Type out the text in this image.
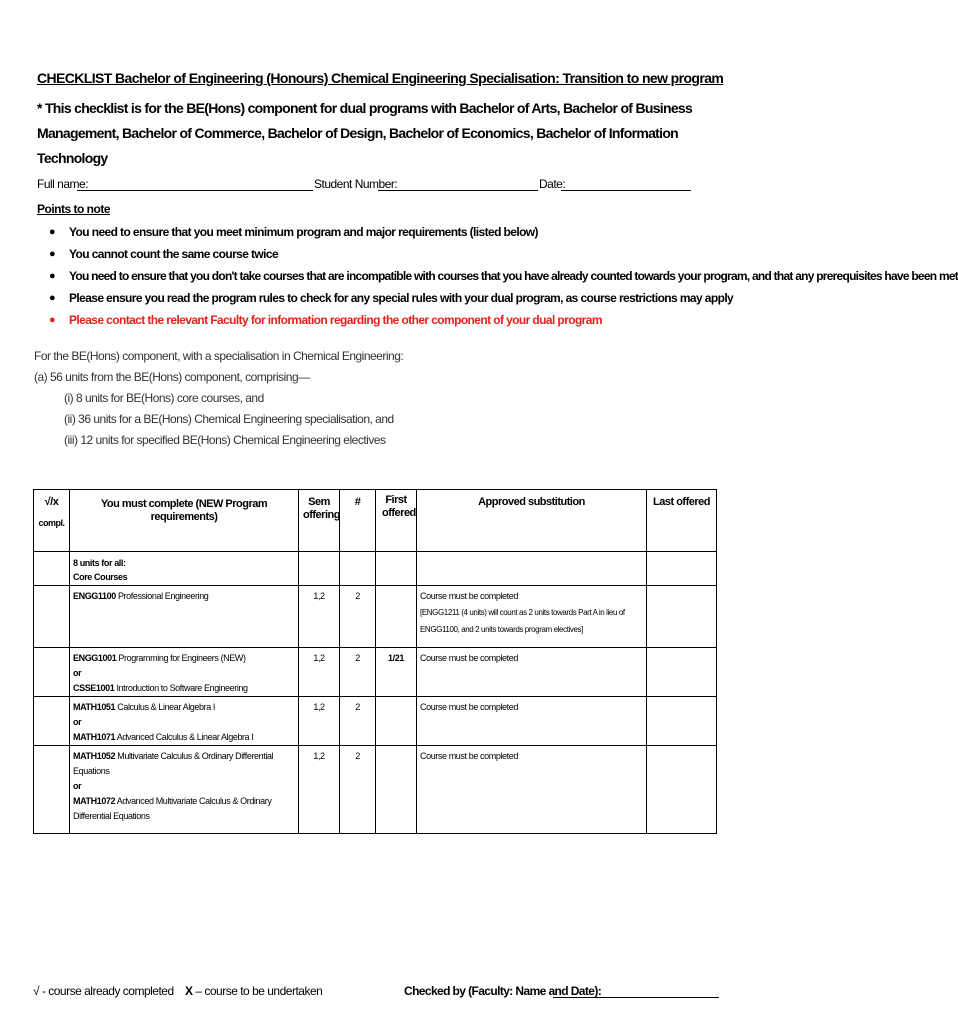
CHECKLIST Bachelor of Engineering (Honours) Chemical Engineering Specialisation: Transition to new program
* This checklist is for the BE(Hons) component for dual programs with Bachelor of Arts, Bachelor of Business Management, Bachelor of Commerce, Bachelor of Design, Bachelor of Economics, Bachelor of Information Technology
Full name:	Student Number:	Date:
Points to note
● You need to ensure that you meet minimum program and major requirements (listed below)
● You cannot count the same course twice
● You need to ensure that you don't take courses that are incompatible with courses that you have already counted towards your program, and that any prerequisites have been met
● Please ensure you read the program rules to check for any special rules with your dual program, as course restrictions may apply
● Please contact the relevant Faculty for information regarding the other component of your dual program
For the BE(Hons) component, with a specialisation in Chemical Engineering:
(a) 56 units from the BE(Hons) component, comprising—
(i) 8 units for BE(Hons) core courses, and
(ii) 36 units for a BE(Hons) Chemical Engineering specialisation, and
(iii) 12 units for specified BE(Hons) Chemical Engineering electives
√/x
compl.	You must complete (NEW Program requirements)	Sem offering	#	First offered	Approved substitution	Last offered

	8 units for all:
Core Courses					

	ENGG1100 Professional Engineering	1,2	2		Course must be completed
[ENGG1211 (4 units) will count as 2 units towards Part A in lieu of ENGG1100, and 2 units towards program electives]	

	ENGG1001 Programming for Engineers (NEW)
or
CSSE1001 Introduction to Software Engineering	1,2	2	1/21	Course must be completed	

	MATH1051 Calculus & Linear Algebra I
or
MATH1071 Advanced Calculus & Linear Algebra I	1,2	2		Course must be completed	

	MATH1052 Multivariate Calculus & Ordinary Differential Equations
or
MATH1072 Advanced Multivariate Calculus & Ordinary Differential Equations	1,2	2		Course must be completed	

√ - course already completed X – course to be undertaken	Checked by (Faculty: Name and Date):
